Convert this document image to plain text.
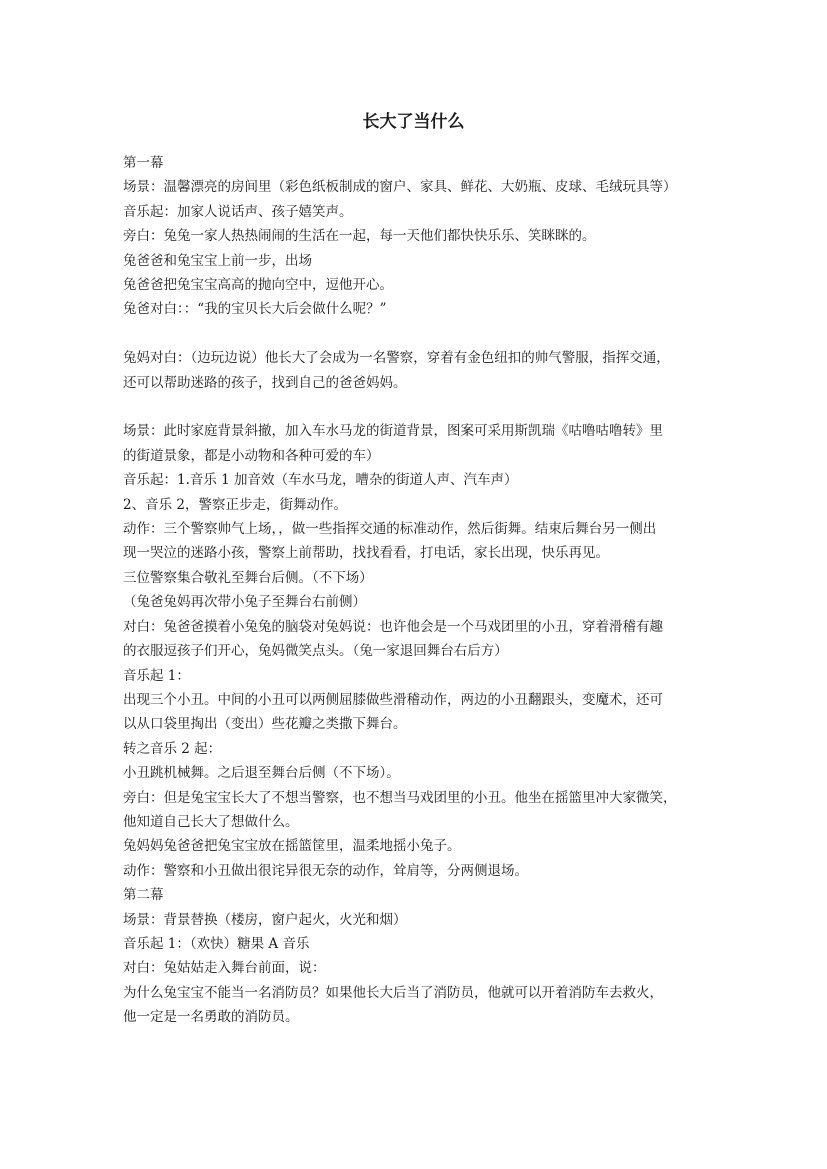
长大了当什么

第一幕

场景：温馨漂亮的房间里（彩色纸板制成的窗户、家具、鲜花、大奶瓶、皮球、毛绒玩具等）

音乐起：加家人说话声、孩子嬉笑声。

旁白：兔兔一家人热热闹闹的生活在一起，每一天他们都快快乐乐、笑眯眯的。

兔爸爸和兔宝宝上前一步，出场

兔爸爸把兔宝宝高高的抛向空中，逗他开心。

兔爸对白：：“我的宝贝长大后会做什么呢？”

兔妈对白：（边玩边说）他长大了会成为一名警察，穿着有金色纽扣的帅气警服，指挥交通，

还可以帮助迷路的孩子，找到自己的爸爸妈妈。

场景：此时家庭背景斜撤，加入车水马龙的街道背景，图案可采用斯凯瑞《咕噜咕噜转》里

的街道景象，都是小动物和各种可爱的车）

音乐起：1.音乐 1 加音效（车水马龙，嘈杂的街道人声、汽车声）

2、音乐 2，警察正步走，街舞动作。

动作：三个警察帅气上场，，做一些指挥交通的标准动作，然后街舞。结束后舞台另一侧出

现一哭泣的迷路小孩，警察上前帮助，找找看看，打电话，家长出现，快乐再见。

三位警察集合敬礼至舞台后侧。（不下场）

（兔爸兔妈再次带小兔子至舞台右前侧）

对白：兔爸爸摸着小兔兔的脑袋对兔妈说：也许他会是一个马戏团里的小丑，穿着滑稽有趣

的衣服逗孩子们开心，兔妈微笑点头。（兔一家退回舞台右后方）

音乐起 1：

出现三个小丑。中间的小丑可以两侧屈膝做些滑稽动作，两边的小丑翻跟头，变魔术，还可

以从口袋里掏出（变出）些花瓣之类撒下舞台。

转之音乐 2 起：

小丑跳机械舞。之后退至舞台后侧（不下场）。

旁白：但是兔宝宝长大了不想当警察，也不想当马戏团里的小丑。他坐在摇篮里冲大家微笑，

他知道自己长大了想做什么。

兔妈妈兔爸爸把兔宝宝放在摇篮筐里，温柔地摇小兔子。

动作：警察和小丑做出很诧异很无奈的动作，耸肩等，分两侧退场。

第二幕

场景：背景替换（楼房，窗户起火，火光和烟）

音乐起 1：（欢快）糖果 A 音乐

对白：兔姑姑走入舞台前面，说：

为什么兔宝宝不能当一名消防员？如果他长大后当了消防员，他就可以开着消防车去救火，

他一定是一名勇敢的消防员。
